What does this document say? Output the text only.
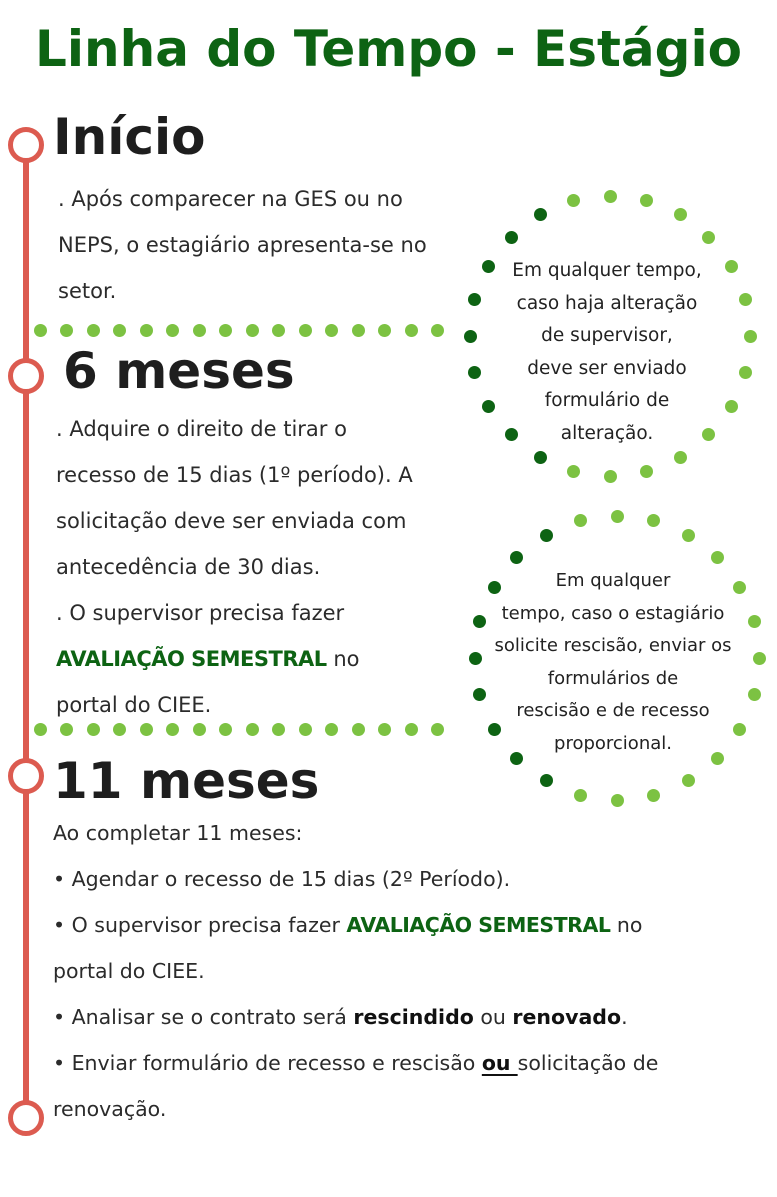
Linha do Tempo - Estágio
Início
. Após comparecer na GES ou no
NEPS, o estagiário apresenta-se no
setor.
6 meses
. Adquire o direito de tirar o
recesso de 15 dias (1º período). A
solicitação deve ser enviada com
antecedência de 30 dias.
. O supervisor precisa fazer
AVALIAÇÃO SEMESTRAL no
portal do CIEE.
11 meses
Ao completar 11 meses:
• Agendar o recesso de 15 dias (2º Período).
• O supervisor precisa fazer AVALIAÇÃO SEMESTRAL no
portal do CIEE.
• Analisar se o contrato será rescindido ou renovado.
• Enviar formulário de recesso e rescisão ou solicitação de
renovação.
Em qualquer tempo,
caso haja alteração
de supervisor,
deve ser enviado
formulário de
alteração.
Em qualquer
tempo, caso o estagiário
solicite rescisão, enviar os
formulários de
rescisão e de recesso
proporcional.
